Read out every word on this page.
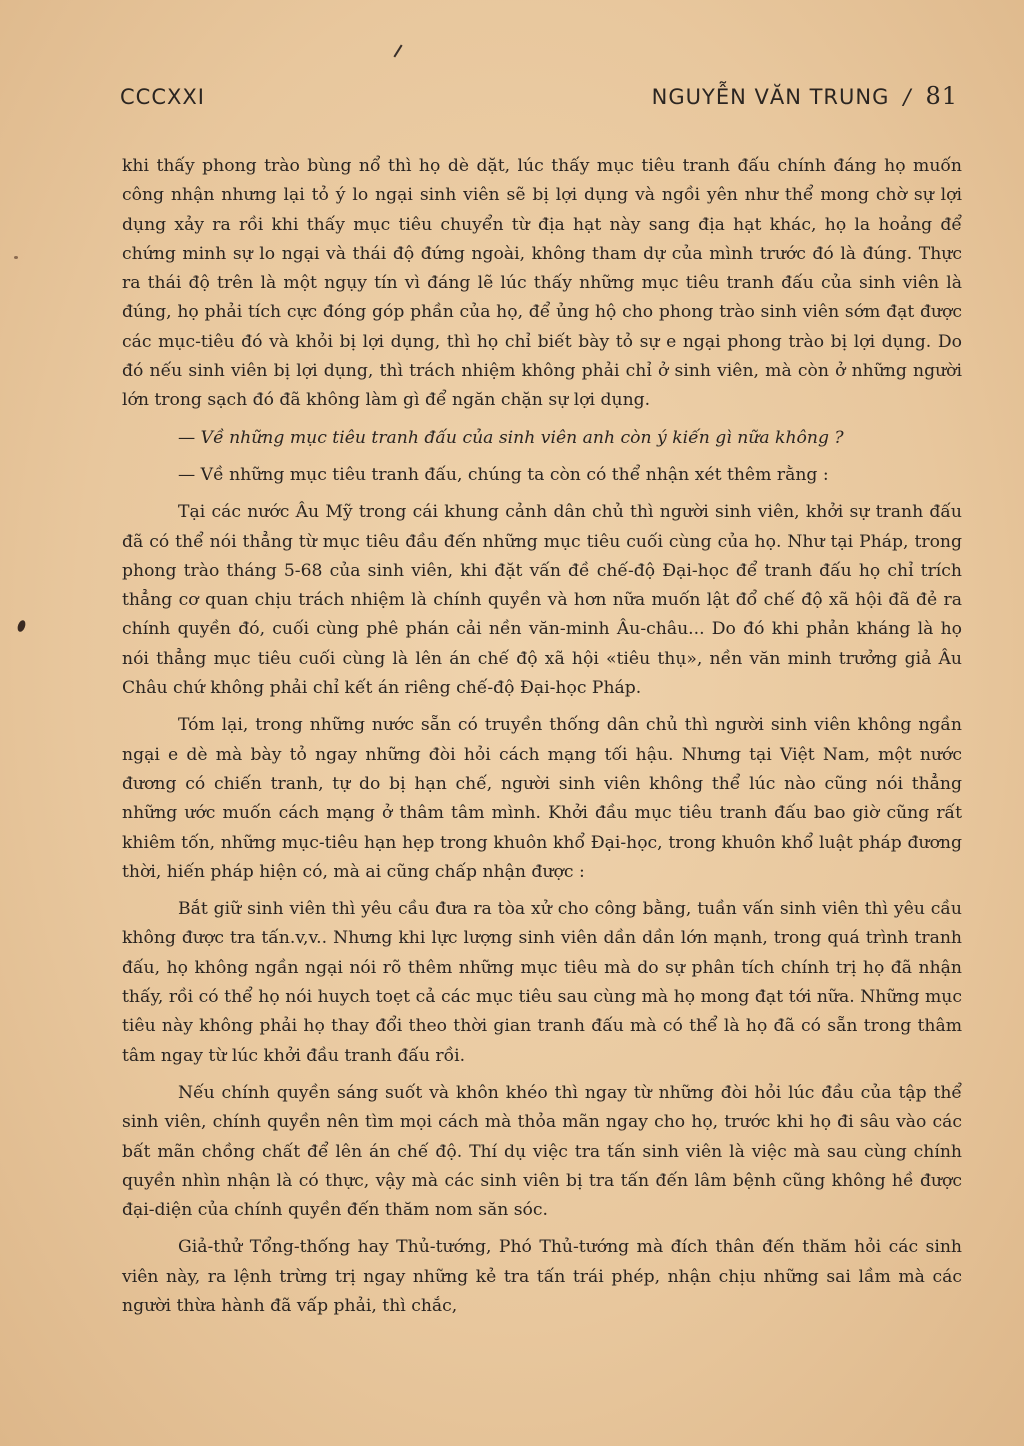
CCCXXI	NGUYỄN VĂN TRUNG / 81

khi thấy phong trào bùng nổ thì họ dè dặt, lúc thấy mục tiêu tranh đấu chính đáng họ muốn công nhận nhưng lại tỏ ý lo ngại sinh viên sẽ bị lợi dụng và ngồi yên như thể mong chờ sự lợi dụng xảy ra rồi khi thấy mục tiêu chuyển từ địa hạt này sang địa hạt khác, họ la hoảng để chứng minh sự lo ngại và thái độ đứng ngoài, không tham dự của mình trước đó là đúng. Thực ra thái độ trên là một ngụy tín vì đáng lẽ lúc thấy những mục tiêu tranh đấu của sinh viên là đúng, họ phải tích cực đóng góp phần của họ, để ủng hộ cho phong trào sinh viên sớm đạt được các mục-tiêu đó và khỏi bị lợi dụng, thì họ chỉ biết bày tỏ sự e ngại phong trào bị lợi dụng. Do đó nếu sinh viên bị lợi dụng, thì trách nhiệm không phải chỉ ở sinh viên, mà còn ở những người lớn trong sạch đó đã không làm gì để ngăn chặn sự lợi dụng.

— Về những mục tiêu tranh đấu của sinh viên anh còn ý kiến gì nữa không ?

— Về những mục tiêu tranh đấu, chúng ta còn có thể nhận xét thêm rằng :

Tại các nước Âu Mỹ trong cái khung cảnh dân chủ thì người sinh viên, khởi sự tranh đấu đã có thể nói thẳng từ mục tiêu đầu đến những mục tiêu cuối cùng của họ. Như tại Pháp, trong phong trào tháng 5-68 của sinh viên, khi đặt vấn đề chế-độ Đại-học để tranh đấu họ chỉ trích thẳng cơ quan chịu trách nhiệm là chính quyền và hơn nữa muốn lật đổ chế độ xã hội đã đẻ ra chính quyền đó, cuối cùng phê phán cải nền văn-minh Âu-châu... Do đó khi phản kháng là họ nói thẳng mục tiêu cuối cùng là lên án chế độ xã hội «tiêu thụ», nền văn minh trưởng giả Âu Châu chứ không phải chỉ kết án riêng chế-độ Đại-học Pháp.

Tóm lại, trong những nước sẵn có truyền thống dân chủ thì người sinh viên không ngần ngại e dè mà bày tỏ ngay những đòi hỏi cách mạng tối hậu. Nhưng tại Việt Nam, một nước đương có chiến tranh, tự do bị hạn chế, người sinh viên không thể lúc nào cũng nói thẳng những ước muốn cách mạng ở thâm tâm mình. Khởi đầu mục tiêu tranh đấu bao giờ cũng rất khiêm tốn, những mục-tiêu hạn hẹp trong khuôn khổ Đại-học, trong khuôn khổ luật pháp đương thời, hiến pháp hiện có, mà ai cũng chấp nhận được :

Bắt giữ sinh viên thì yêu cầu đưa ra tòa xử cho công bằng, tuần vấn sinh viên thì yêu cầu không được tra tấn.v,v.. Nhưng khi lực lượng sinh viên dần dần lớn mạnh, trong quá trình tranh đấu, họ không ngần ngại nói rõ thêm những mục tiêu mà do sự phân tích chính trị họ đã nhận thấy, rồi có thể họ nói huych toẹt cả các mục tiêu sau cùng mà họ mong đạt tới nữa. Những mục tiêu này không phải họ thay đổi theo thời gian tranh đấu mà có thể là họ đã có sẵn trong thâm tâm ngay từ lúc khởi đầu tranh đấu rồi.

Nếu chính quyền sáng suốt và khôn khéo thì ngay từ những đòi hỏi lúc đầu của tập thể sinh viên, chính quyền nên tìm mọi cách mà thỏa mãn ngay cho họ, trước khi họ đi sâu vào các bất mãn chồng chất để lên án chế độ. Thí dụ việc tra tấn sinh viên là việc mà sau cùng chính quyền nhìn nhận là có thực, vậy mà các sinh viên bị tra tấn đến lâm bệnh cũng không hề được đại-diện của chính quyền đến thăm nom săn sóc.

Giả-thử Tổng-thống hay Thủ-tướng, Phó Thủ-tướng mà đích thân đến thăm hỏi các sinh viên này, ra lệnh trừng trị ngay những kẻ tra tấn trái phép, nhận chịu những sai lầm mà các người thừa hành đã vấp phải, thì chắc,
